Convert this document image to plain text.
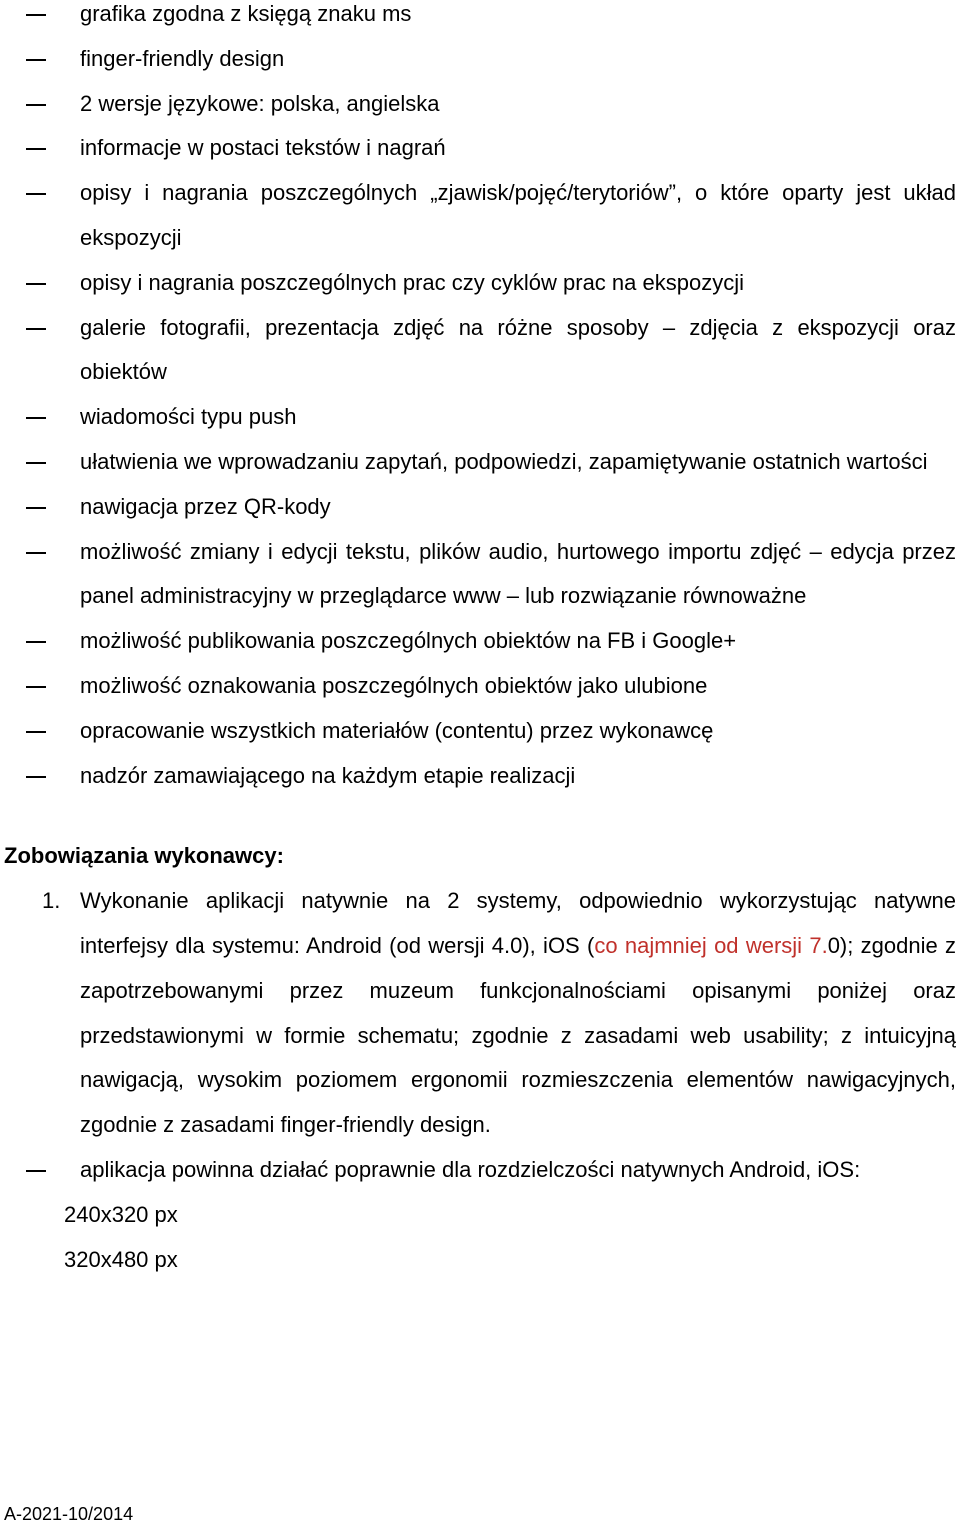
grafika zgodna z księgą znaku ms
finger-friendly design
2 wersje językowe: polska, angielska
informacje w postaci tekstów i nagrań
opisy i nagrania poszczególnych „zjawisk/pojęć/terytoriów”, o które oparty jest układ ekspozycji
opisy i nagrania poszczególnych prac czy cyklów prac na ekspozycji
galerie fotografii, prezentacja zdjęć na różne sposoby – zdjęcia z ekspozycji oraz obiektów
wiadomości typu push
ułatwienia we wprowadzaniu zapytań, podpowiedzi, zapamiętywanie ostatnich wartości
nawigacja przez QR-kody
możliwość zmiany i edycji tekstu, plików audio, hurtowego importu zdjęć – edycja przez panel administracyjny w przeglądarce www – lub rozwiązanie równoważne
możliwość publikowania poszczególnych obiektów na FB i Google+
możliwość oznakowania poszczególnych obiektów jako ulubione
opracowanie wszystkich materiałów (contentu) przez wykonawcę
nadzór zamawiającego na każdym etapie realizacji
Zobowiązania wykonawcy:
1. Wykonanie aplikacji natywnie na 2 systemy, odpowiednio wykorzystując natywne interfejsy dla systemu: Android (od wersji 4.0), iOS (co najmniej od wersji 7.0); zgodnie z zapotrzebowanymi przez muzeum funkcjonalnościami opisanymi poniżej oraz przedstawionymi w formie schematu; zgodnie z zasadami web usability; z intuicyjną nawigacją, wysokim poziomem ergonomii rozmieszczenia elementów nawigacyjnych, zgodnie z zasadami finger-friendly design.
aplikacja powinna działać poprawnie dla rozdzielczości natywnych Android, iOS:
240x320 px
320x480 px
A-2021-10/2014
